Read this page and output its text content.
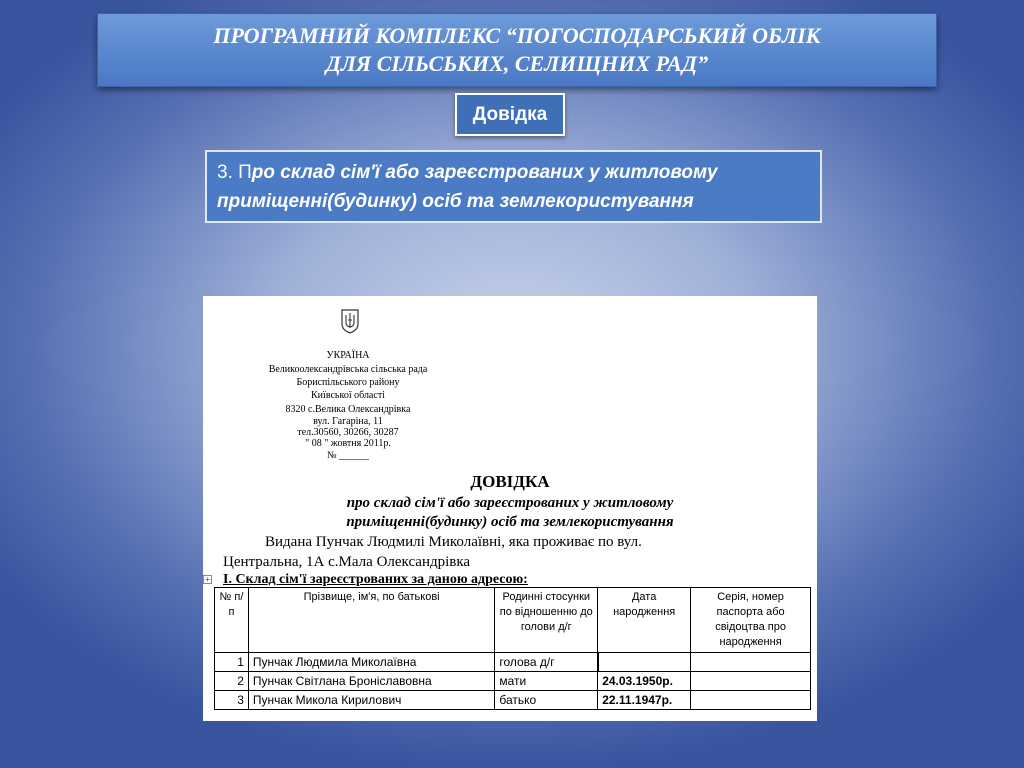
ПРОГРАМНИЙ КОМПЛЕКС “ПОГОСПОДАРСЬКИЙ ОБЛІК
ДЛЯ СІЛЬСЬКИХ, СЕЛИЩНИХ РАД”
Довідка
3. Про склад сім'ї або зареєстрованих у житловому приміщенні(будинку) осіб та землекористування
УКРАЇНА
Великоолександрівська сільська рада
Бориспільського району
Київської області
8320 с.Велика Олександрівка
вул. Гагаріна, 11
тел.30560, 30266, 30287
" 08 " жовтня 2011р.
№ ______
ДОВІДКА
про склад сім'ї або зареєстрованих у житловому
приміщенні(будинку) осіб та землекористування
Видана Пунчак Людмилі Миколаївні, яка проживає по вул.
Центральна, 1А с.Мала Олександрівка
+ І. Склад сім'ї зареєстрованих за даною адресою:
№ п/п	Прізвище, ім'я, по батькові	Родинні стосунки по відношенню до голови д/г	Дата народження	Серія, номер паспорта або свідоцтва про народження
1	Пунчак Людмила Миколаївна	голова д/г		
2	Пунчак Світлана Броніславовна	мати	24.03.1950р.	
3	Пунчак Микола Кирилович	батько	22.11.1947р.	
